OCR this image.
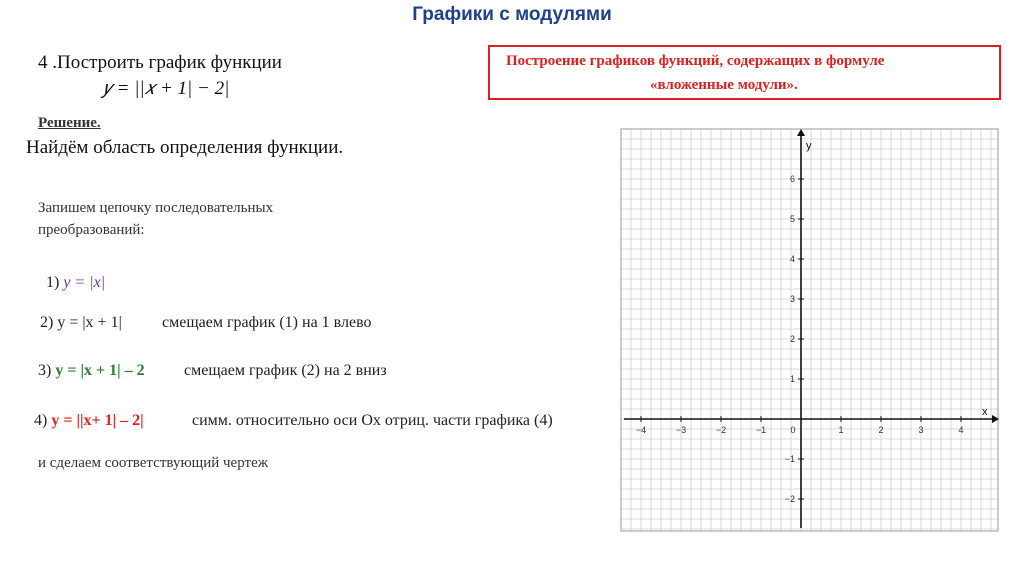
Графики с модулями
4 .Построить график функции
𝑦 = ||𝑥 + 1| − 2|
Построение графиков функций, содержащих в формуле
«вложенные модули».
Решение.
Найдём область определения функции.
Запишем цепочку последовательных
преобразований:
1) y = |x|
2) y = |x + 1|	смещаем график (1) на 1 влево
3) y = |x + 1| – 2 смещаем график (2) на 2 вниз
4) y = ||x+ 1| – 2|	симм. относительно оси Ох отриц. части графика (4)
и сделаем соответствующий чертеж
x
y
−4	−3	−2	−1	0	1	2	3	4
6
5
4
3
2
1
−1
−2
